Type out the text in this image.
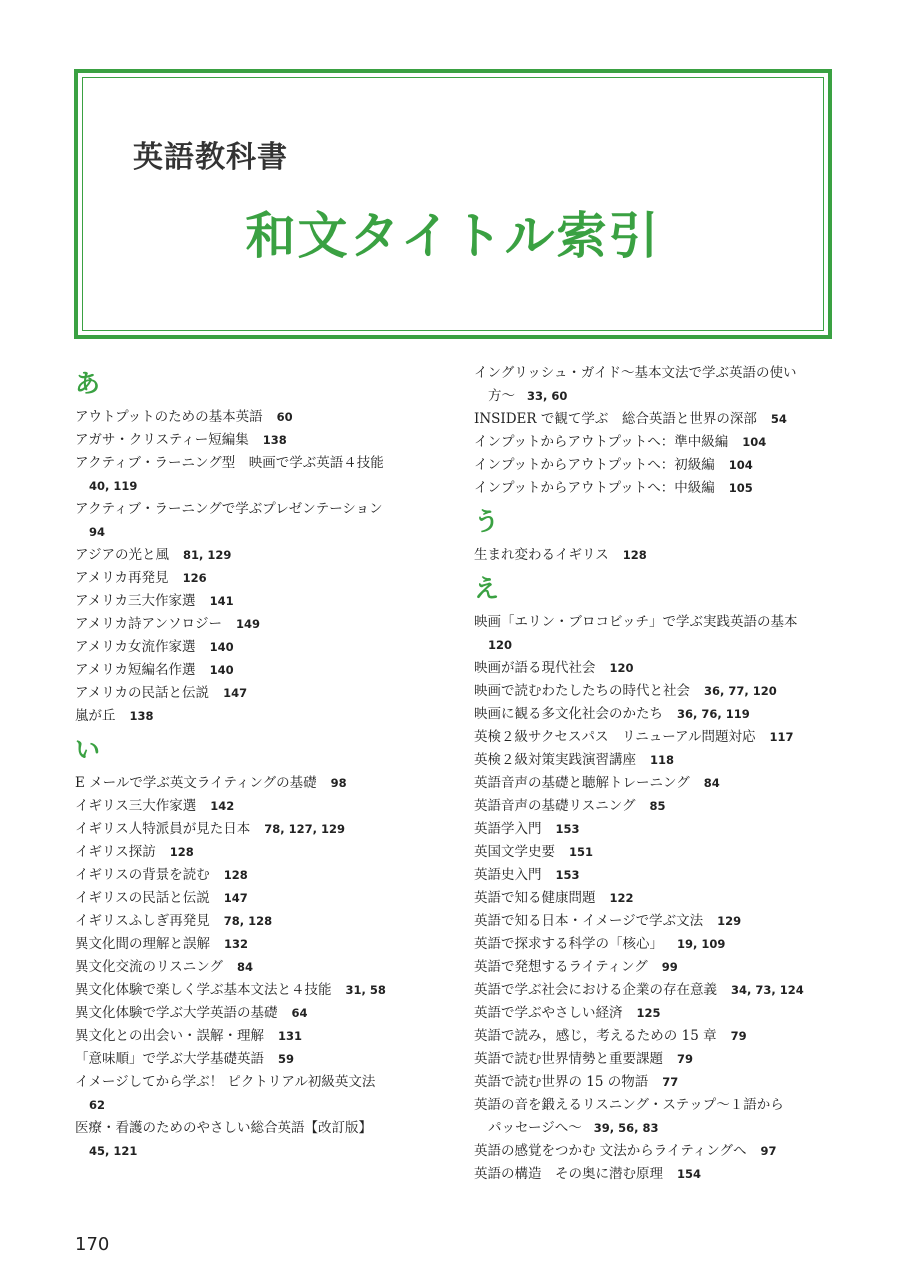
英語教科書
和文タイトル索引
あ
アウトプットのための基本英語 60
アガサ・クリスティー短編集 138
アクティブ・ラーニング型　映画で学ぶ英語４技能
40, 119
アクティブ・ラーニングで学ぶプレゼンテーション
94
アジアの光と風 81, 129
アメリカ再発見 126
アメリカ三大作家選 141
アメリカ詩アンソロジー 149
アメリカ女流作家選 140
アメリカ短編名作選 140
アメリカの民話と伝説 147
嵐が丘 138
い
E メールで学ぶ英文ライティングの基礎 98
イギリス三大作家選 142
イギリス人特派員が見た日本 78, 127, 129
イギリス探訪 128
イギリスの背景を読む 128
イギリスの民話と伝説 147
イギリスふしぎ再発見 78, 128
異文化間の理解と誤解 132
異文化交流のリスニング 84
異文化体験で楽しく学ぶ基本文法と４技能 31, 58
異文化体験で学ぶ大学英語の基礎 64
異文化との出会い・誤解・理解 131
「意味順」で学ぶ大学基礎英語 59
イメージしてから学ぶ！ ピクトリアル初級英文法
62
医療・看護のためのやさしい総合英語【改訂版】
45, 121
イングリッシュ・ガイド〜基本文法で学ぶ英語の使い
方〜 33, 60
INSIDER で観て学ぶ　総合英語と世界の深部 54
インプットからアウトプットへ：準中級編 104
インプットからアウトプットへ：初級編 104
インプットからアウトプットへ：中級編 105
う
生まれ変わるイギリス 128
え
映画「エリン・ブロコビッチ」で学ぶ実践英語の基本
120
映画が語る現代社会 120
映画で読むわたしたちの時代と社会 36, 77, 120
映画に観る多文化社会のかたち 36, 76, 119
英検２級サクセスパス　リニューアル問題対応 117
英検２級対策実践演習講座 118
英語音声の基礎と聴解トレーニング 84
英語音声の基礎リスニング 85
英語学入門 153
英国文学史要 151
英語史入門 153
英語で知る健康問題 122
英語で知る日本・イメージで学ぶ文法 129
英語で探求する科学の「核心」 19, 109
英語で発想するライティング 99
英語で学ぶ社会における企業の存在意義 34, 73, 124
英語で学ぶやさしい経済 125
英語で読み，感じ，考えるための 15 章 79
英語で読む世界情勢と重要課題 79
英語で読む世界の 15 の物語 77
英語の音を鍛えるリスニング・ステップ〜１語から
パッセージへ〜 39, 56, 83
英語の感覚をつかむ 文法からライティングへ 97
英語の構造　その奥に潜む原理 154
170
